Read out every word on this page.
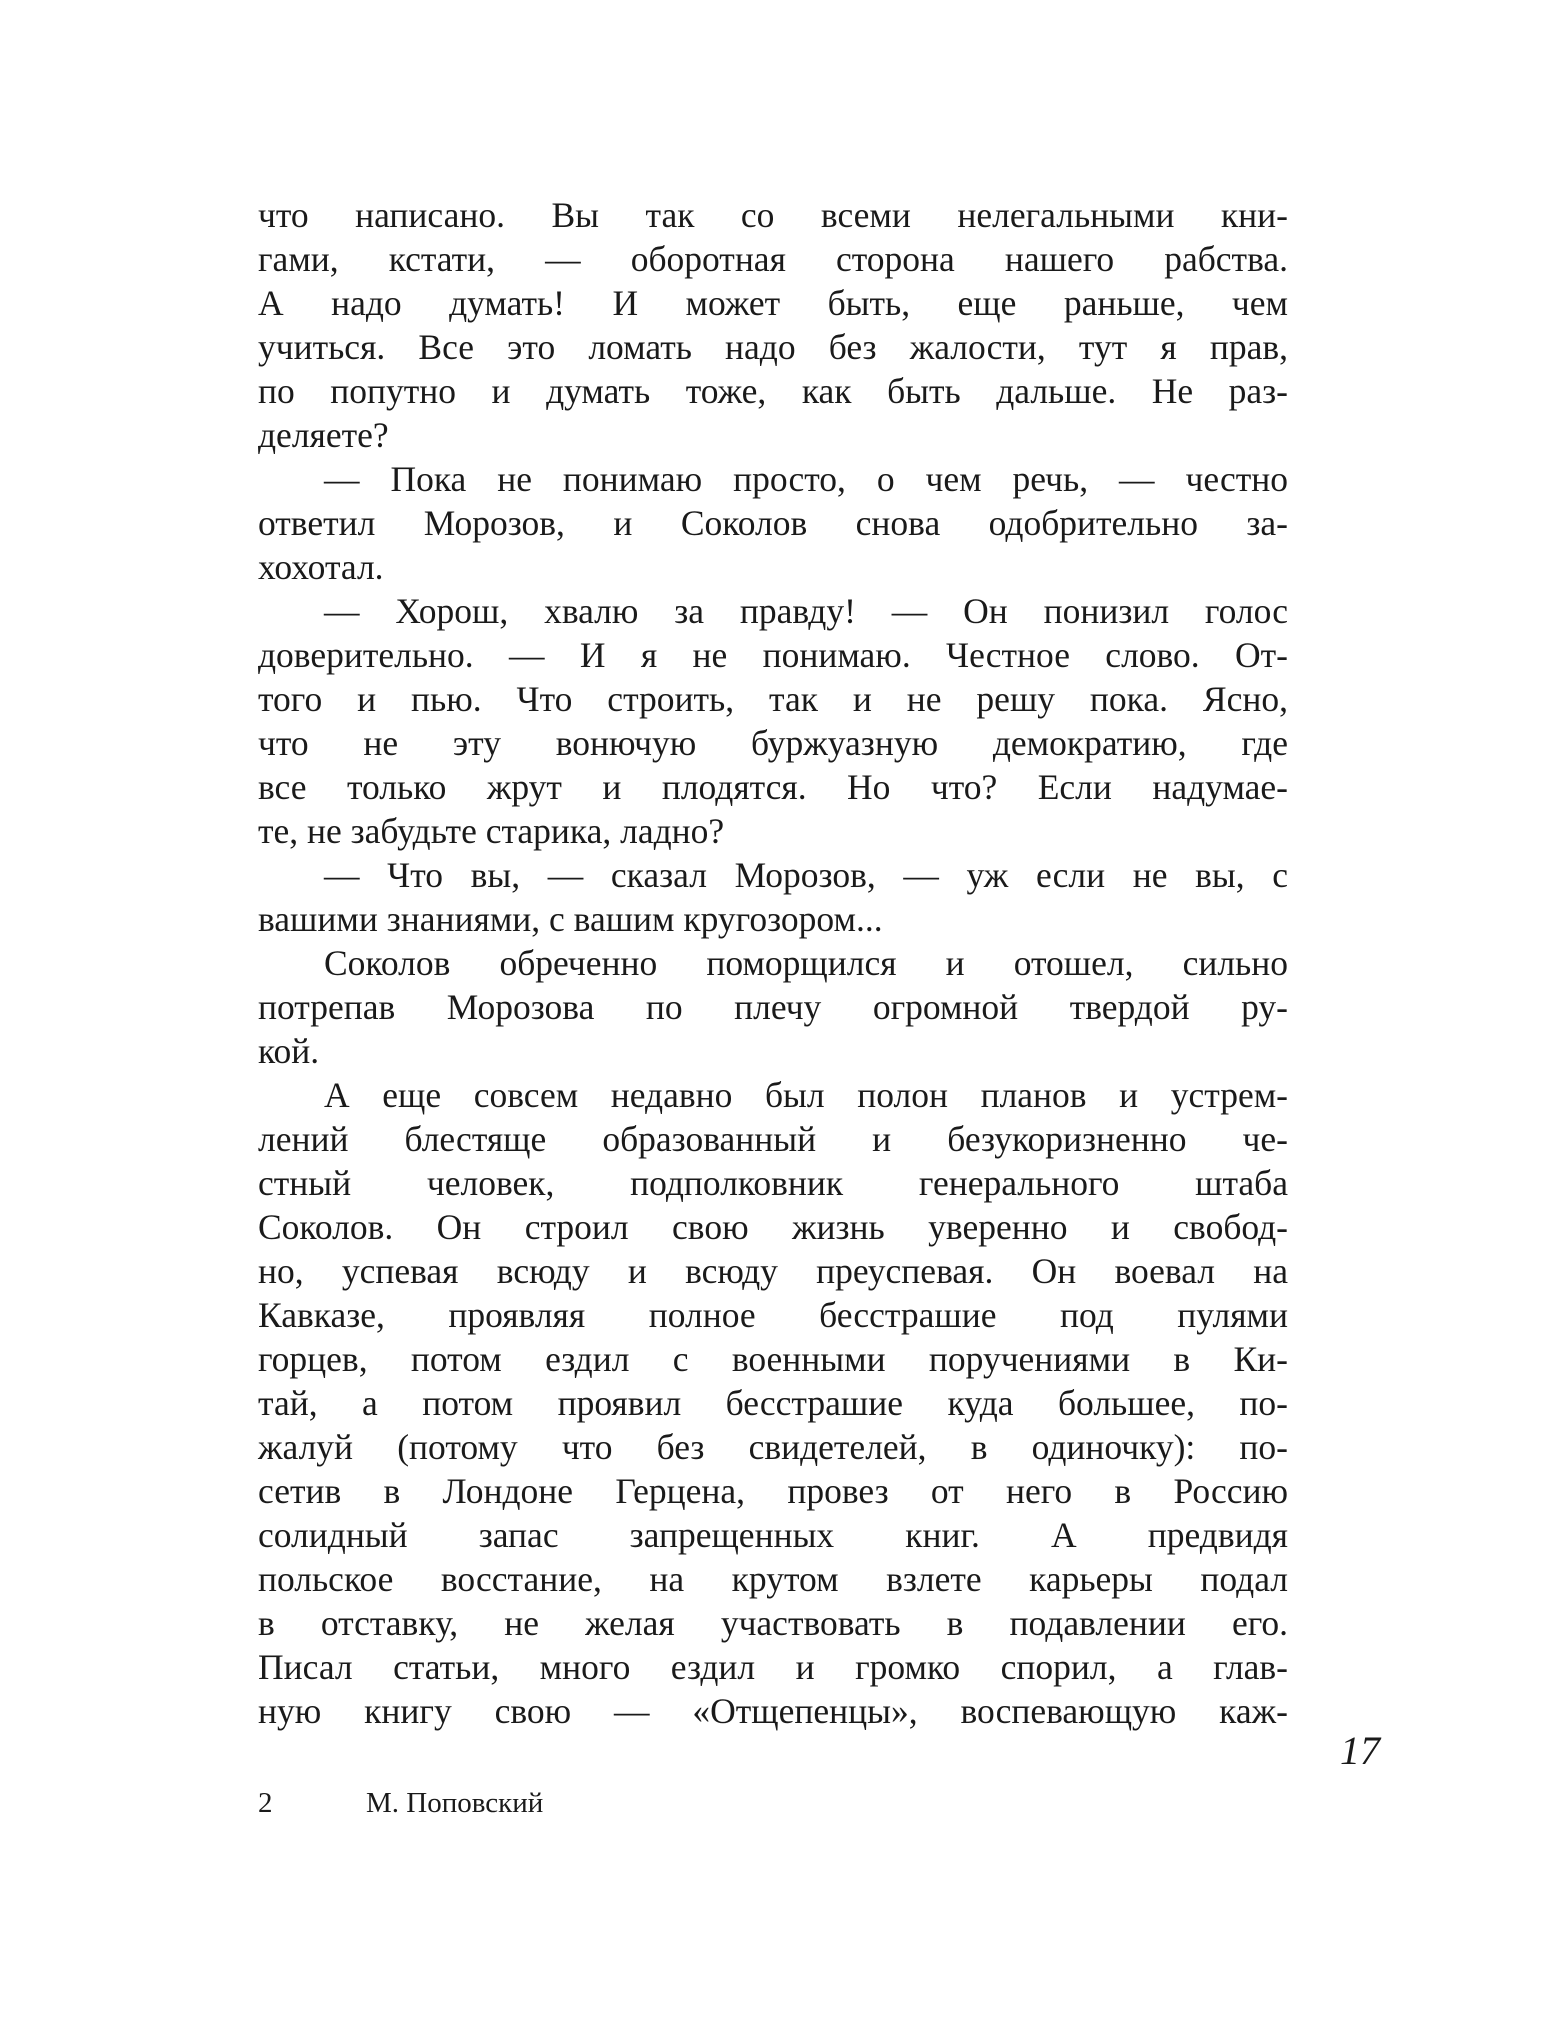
что написано. Вы так со всеми нелегальными кни-
гами, кстати, — оборотная сторона нашего рабства.
А надо думать! И может быть, еще раньше, чем
учиться. Все это ломать надо без жалости, тут я прав,
по попутно и думать тоже, как быть дальше. Не раз-
деляете?
— Пока не понимаю просто, о чем речь, — честно
ответил Морозов, и Соколов снова одобрительно за-
хохотал.
— Хорош, хвалю за правду! — Он понизил голос
доверительно. — И я не понимаю. Честное слово. От-
того и пью. Что строить, так и не решу пока. Ясно,
что не эту вонючую буржуазную демократию, где
все только жрут и плодятся. Но что? Если надумае-
те, не забудьте старика, ладно?
— Что вы, — сказал Морозов, — уж если не вы, с
вашими знаниями, с вашим кругозором...
Соколов обреченно поморщился и отошел, сильно
потрепав Морозова по плечу огромной твердой ру-
кой.
А еще совсем недавно был полон планов и устрем-
лений блестяще образованный и безукоризненно че-
стный человек, подполковник генерального штаба
Соколов. Он строил свою жизнь уверенно и свобод-
но, успевая всюду и всюду преуспевая. Он воевал на
Кавказе, проявляя полное бесстрашие под пулями
горцев, потом ездил с военными поручениями в Ки-
тай, а потом проявил бесстрашие куда большее, по-
жалуй (потому что без свидетелей, в одиночку): по-
сетив в Лондоне Герцена, провез от него в Россию
солидный запас запрещенных книг. А предвидя
польское восстание, на крутом взлете карьеры подал
в отставку, не желая участвовать в подавлении его.
Писал статьи, много ездил и громко спорил, а глав-
ную книгу свою — «Отщепенцы», воспевающую каж-
17
2	М. Поповский
